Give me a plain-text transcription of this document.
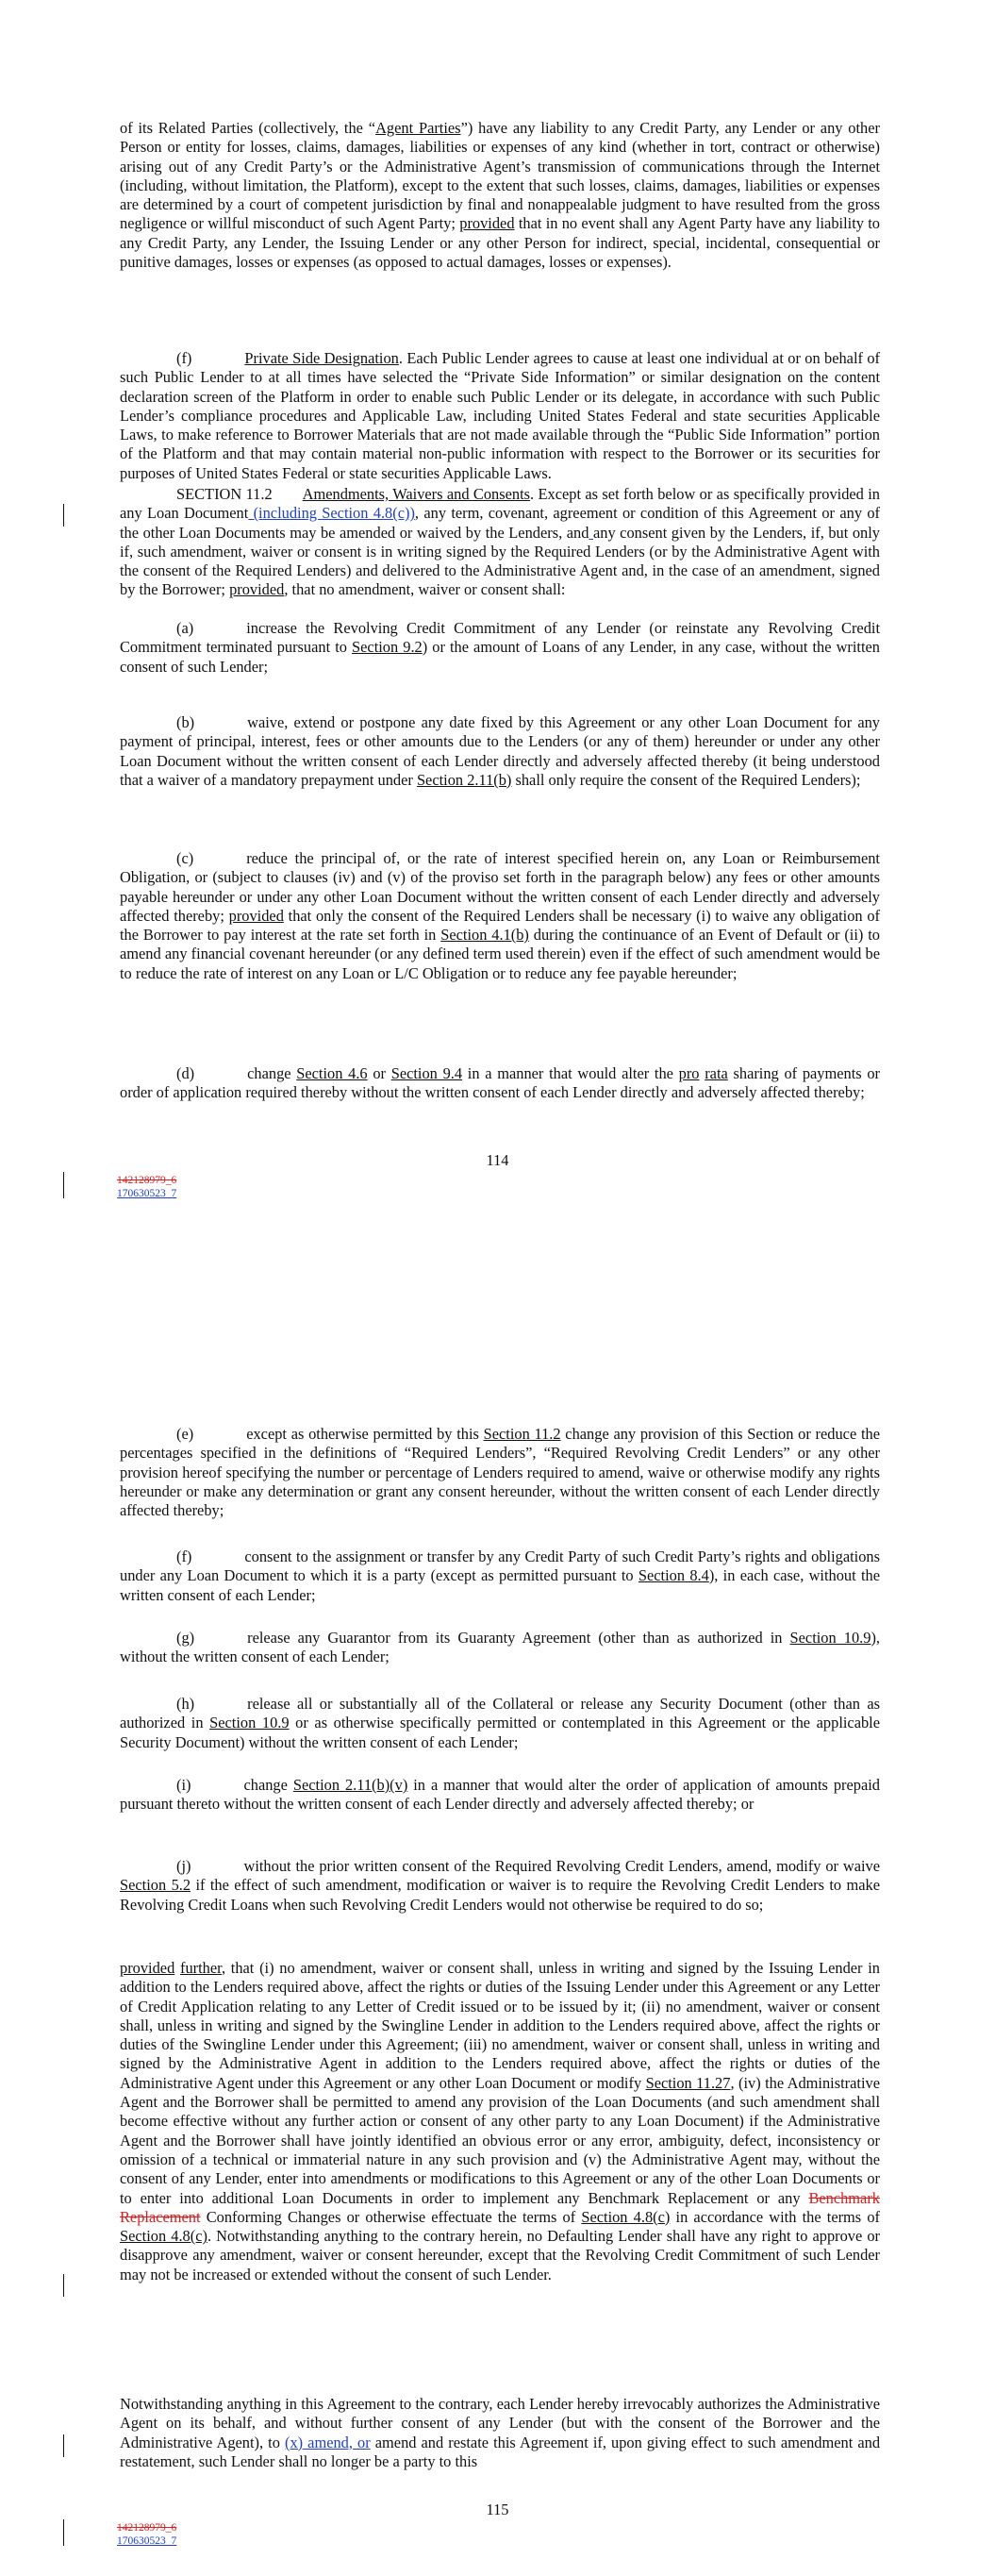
of its Related Parties (collectively, the “Agent Parties”) have any liability to any Credit Party, any Lender or any other Person or entity for losses, claims, damages, liabilities or expenses of any kind (whether in tort, contract or otherwise) arising out of any Credit Party’s or the Administrative Agent’s transmission of communications through the Internet (including, without limitation, the Platform), except to the extent that such losses, claims, damages, liabilities or expenses are determined by a court of competent jurisdiction by final and nonappealable judgment to have resulted from the gross negligence or willful misconduct of such Agent Party; provided that in no event shall any Agent Party have any liability to any Credit Party, any Lender, the Issuing Lender or any other Person for indirect, special, incidental, consequential or punitive damages, losses or expenses (as opposed to actual damages, losses or expenses).

(f)	Private Side Designation. Each Public Lender agrees to cause at least one individual at or on behalf of such Public Lender to at all times have selected the “Private Side Information” or similar designation on the content declaration screen of the Platform in order to enable such Public Lender or its delegate, in accordance with such Public Lender’s compliance procedures and Applicable Law, including United States Federal and state securities Applicable Laws, to make reference to Borrower Materials that are not made available through the “Public Side Information” portion of the Platform and that may contain material non-public information with respect to the Borrower or its securities for purposes of United States Federal or state securities Applicable Laws.

SECTION 11.2 Amendments, Waivers and Consents. Except as set forth below or as specifically provided in any Loan Document (including Section 4.8(c)), any term, covenant, agreement or condition of this Agreement or any of the other Loan Documents may be amended or waived by the Lenders, and any consent given by the Lenders, if, but only if, such amendment, waiver or consent is in writing signed by the Required Lenders (or by the Administrative Agent with the consent of the Required Lenders) and delivered to the Administrative Agent and, in the case of an amendment, signed by the Borrower; provided, that no amendment, waiver or consent shall:

(a)	increase the Revolving Credit Commitment of any Lender (or reinstate any Revolving Credit Commitment terminated pursuant to Section 9.2) or the amount of Loans of any Lender, in any case, without the written consent of such Lender;

(b)	waive, extend or postpone any date fixed by this Agreement or any other Loan Document for any payment of principal, interest, fees or other amounts due to the Lenders (or any of them) hereunder or under any other Loan Document without the written consent of each Lender directly and adversely affected thereby (it being understood that a waiver of a mandatory prepayment under Section 2.11(b) shall only require the consent of the Required Lenders);

(c)	reduce the principal of, or the rate of interest specified herein on, any Loan or Reimbursement Obligation, or (subject to clauses (iv) and (v) of the proviso set forth in the paragraph below) any fees or other amounts payable hereunder or under any other Loan Document without the written consent of each Lender directly and adversely affected thereby; provided that only the consent of the Required Lenders shall be necessary (i) to waive any obligation of the Borrower to pay interest at the rate set forth in Section 4.1(b) during the continuance of an Event of Default or (ii) to amend any financial covenant hereunder (or any defined term used therein) even if the effect of such amendment would be to reduce the rate of interest on any Loan or L/C Obligation or to reduce any fee payable hereunder;

(d)	change Section 4.6 or Section 9.4 in a manner that would alter the pro rata sharing of payments or order of application required thereby without the written consent of each Lender directly and adversely affected thereby;

114

142128979_6
170630523_7

(e)	except as otherwise permitted by this Section 11.2 change any provision of this Section or reduce the percentages specified in the definitions of “Required Lenders”, “Required Revolving Credit Lenders” or any other provision hereof specifying the number or percentage of Lenders required to amend, waive or otherwise modify any rights hereunder or make any determination or grant any consent hereunder, without the written consent of each Lender directly affected thereby;

(f)	consent to the assignment or transfer by any Credit Party of such Credit Party’s rights and obligations under any Loan Document to which it is a party (except as permitted pursuant to Section 8.4), in each case, without the written consent of each Lender;

(g)	release any Guarantor from its Guaranty Agreement (other than as authorized in Section 10.9), without the written consent of each Lender;

(h)	release all or substantially all of the Collateral or release any Security Document (other than as authorized in Section 10.9 or as otherwise specifically permitted or contemplated in this Agreement or the applicable Security Document) without the written consent of each Lender;

(i)	change Section 2.11(b)(v) in a manner that would alter the order of application of amounts prepaid pursuant thereto without the written consent of each Lender directly and adversely affected thereby; or

(j)	without the prior written consent of the Required Revolving Credit Lenders, amend, modify or waive Section 5.2 if the effect of such amendment, modification or waiver is to require the Revolving Credit Lenders to make Revolving Credit Loans when such Revolving Credit Lenders would not otherwise be required to do so;

provided further, that (i) no amendment, waiver or consent shall, unless in writing and signed by the Issuing Lender in addition to the Lenders required above, affect the rights or duties of the Issuing Lender under this Agreement or any Letter of Credit Application relating to any Letter of Credit issued or to be issued by it; (ii) no amendment, waiver or consent shall, unless in writing and signed by the Swingline Lender in addition to the Lenders required above, affect the rights or duties of the Swingline Lender under this Agreement; (iii) no amendment, waiver or consent shall, unless in writing and signed by the Administrative Agent in addition to the Lenders required above, affect the rights or duties of the Administrative Agent under this Agreement or any other Loan Document or modify Section 11.27, (iv) the Administrative Agent and the Borrower shall be permitted to amend any provision of the Loan Documents (and such amendment shall become effective without any further action or consent of any other party to any Loan Document) if the Administrative Agent and the Borrower shall have jointly identified an obvious error or any error, ambiguity, defect, inconsistency or omission of a technical or immaterial nature in any such provision and (v) the Administrative Agent may, without the consent of any Lender, enter into amendments or modifications to this Agreement or any of the other Loan Documents or to enter into additional Loan Documents in order to implement any Benchmark Replacement or any Benchmark Replacement Conforming Changes or otherwise effectuate the terms of Section 4.8(c) in accordance with the terms of Section 4.8(c). Notwithstanding anything to the contrary herein, no Defaulting Lender shall have any right to approve or disapprove any amendment, waiver or consent hereunder, except that the Revolving Credit Commitment of such Lender may not be increased or extended without the consent of such Lender.

Notwithstanding anything in this Agreement to the contrary, each Lender hereby irrevocably authorizes the Administrative Agent on its behalf, and without further consent of any Lender (but with the consent of the Borrower and the Administrative Agent), to (x) amend, or amend and restate this Agreement if, upon giving effect to such amendment and restatement, such Lender shall no longer be a party to this

115

142128979_6
170630523_7
